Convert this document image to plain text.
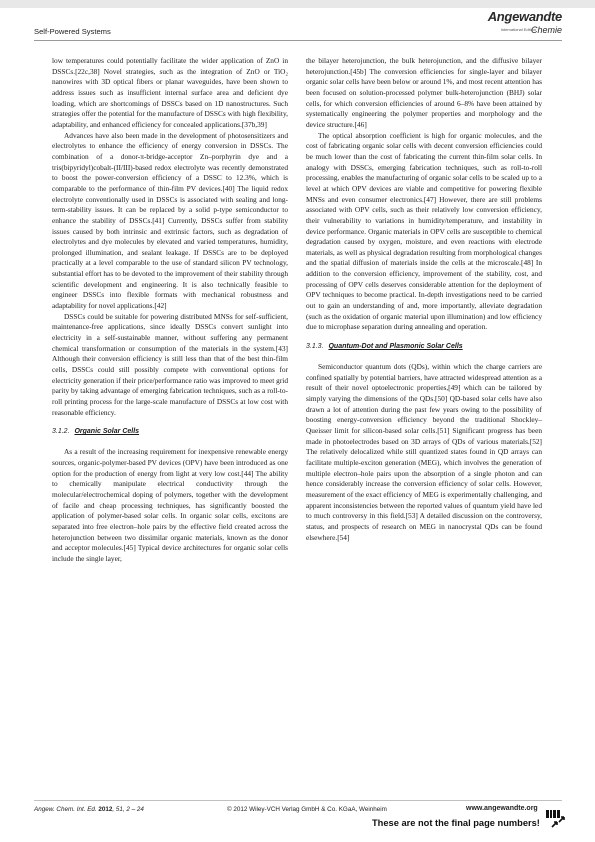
Self-Powered Systems
Angewandte
International Edition
Chemie

low temperatures could potentially facilitate the wider application of ZnO in DSSCs.[22c,38] Novel strategies, such as the integration of ZnO or TiO₂ nanowires with 3D optical fibers or planar waveguides, have been shown to address issues such as insufficient internal surface area and deficient dye loading, which are shortcomings of DSSCs based on 1D nanostructures. Such strategies offer the potential for the manufacture of DSSCs with high flexibility, adaptability, and enhanced efficiency for concealed applications.[37b,39]

Advances have also been made in the development of photosensitizers and electrolytes to enhance the efficiency of energy conversion in DSSCs. The combination of a donor-π-bridge-acceptor Zn–porphyrin dye and a tris(bipyridyl)cobalt-(II/III)-based redox electrolyte was recently demonstrated to boost the power-conversion efficiency of a DSSC to 12.3%, which is comparable to the performance of thin-film PV devices.[40] The liquid redox electrolyte conventionally used in DSSCs is associated with sealing and long-term-stability issues. It can be replaced by a solid p-type semiconductor to enhance the stability of DSSCs.[41] Currently, DSSCs suffer from stability issues caused by both intrinsic and extrinsic factors, such as degradation of electrolytes and dye molecules by elevated and varied temperatures, humidity, prolonged illumination, and sealant leakage. If DSSCs are to be deployed practically at a level comparable to the use of standard silicon PV technology, substantial effort has to be devoted to the improvement of their stability through scientific development and engineering. It is also technically feasible to engineer DSSCs into flexible formats with mechanical robustness and adaptability for novel applications.[42]

DSSCs could be suitable for powering distributed MNSs for self-sufficient, maintenance-free applications, since ideally DSSCs convert sunlight into electricity in a self-sustainable manner, without suffering any permanent chemical transformation or consumption of the materials in the system.[43] Although their conversion efficiency is still less than that of the best thin-film cells, DSSCs could still possibly compete with conventional options for electricity generation if their price/performance ratio was improved to meet grid parity by taking advantage of emerging fabrication techniques, such as a roll-to-roll printing process for the large-scale manufacture of DSSCs at low cost with reasonable efficiency.

3.1.2. Organic Solar Cells

As a result of the increasing requirement for inexpensive renewable energy sources, organic-polymer-based PV devices (OPV) have been introduced as one option for the production of energy from light at very low cost.[44] The ability to chemically manipulate electrical conductivity through the molecular/electrochemical doping of polymers, together with the development of facile and cheap processing techniques, has significantly boosted the application of polymer-based solar cells. In organic solar cells, excitons are separated into free electron–hole pairs by the effective field created across the heterojunction between two dissimilar organic materials, known as the donor and acceptor molecules.[45] Typical device architectures for organic solar cells include the single layer,

the bilayer heterojunction, the bulk heterojunction, and the diffusive bilayer heterojunction.[45b] The conversion efficiencies for single-layer and bilayer organic solar cells have been below or around 1%, and most recent attention has been focused on solution-processed polymer bulk-heterojunction (BHJ) solar cells, for which conversion efficiencies of around 6–8% have been attained by systematically engineering the polymer properties and morphology and the device structure.[46]

The optical absorption coefficient is high for organic molecules, and the cost of fabricating organic solar cells with decent conversion efficiencies could be much lower than the cost of fabricating the current thin-film solar cells. In analogy with DSSCs, emerging fabrication techniques, such as roll-to-roll processing, enables the manufacturing of organic solar cells to be scaled up to a level at which OPV devices are viable and competitive for powering flexible MNSs and even consumer electronics.[47] However, there are still problems associated with OPV cells, such as their relatively low conversion efficiency, their vulnerability to variations in humidity/temperature, and instability in device performance. Organic materials in OPV cells are susceptible to chemical degradation caused by oxygen, moisture, and even reactions with electrode materials, as well as physical degradation resulting from morphological changes and the spatial diffusion of materials inside the cells at the microscale.[48] In addition to the conversion efficiency, improvement of the stability, cost, and processing of OPV cells deserves considerable attention for the deployment of OPV techniques to become practical. In-depth investigations need to be carried out to gain an understanding of and, more importantly, alleviate degradation (such as the oxidation of organic material upon illumination) and low efficiency due to microphase separation during annealing and operation.

3.1.3. Quantum-Dot and Plasmonic Solar Cells

Semiconductor quantum dots (QDs), within which the charge carriers are confined spatially by potential barriers, have attracted widespread attention as a result of their novel optoelectronic properties,[49] which can be tailored by simply varying the dimensions of the QDs.[50] QD-based solar cells have also drawn a lot of attention during the past few years owing to the possibility of boosting energy-conversion efficiency beyond the traditional Shockley–Queisser limit for silicon-based solar cells.[51] Significant progress has been made in photoelectrodes based on 3D arrays of QDs of various materials.[52] The relatively delocalized while still quantized states found in QD arrays can facilitate multiple-exciton generation (MEG), which involves the generation of multiple electron–hole pairs upon the absorption of a single photon and can hence considerably increase the conversion efficiency of solar cells. However, measurement of the exact efficiency of MEG is experimentally challenging, and apparent inconsistencies between the reported values of quantum yield have led to much controversy in this field.[53] A detailed discussion on the controversy, status, and prospects of research on MEG in nanocrystal QDs can be found elsewhere.[54]

Angew. Chem. Int. Ed. 2012, 51, 2 – 24	© 2012 Wiley-VCH Verlag GmbH & Co. KGaA, Weinheim	www.angewandte.org
These are not the final page numbers!
